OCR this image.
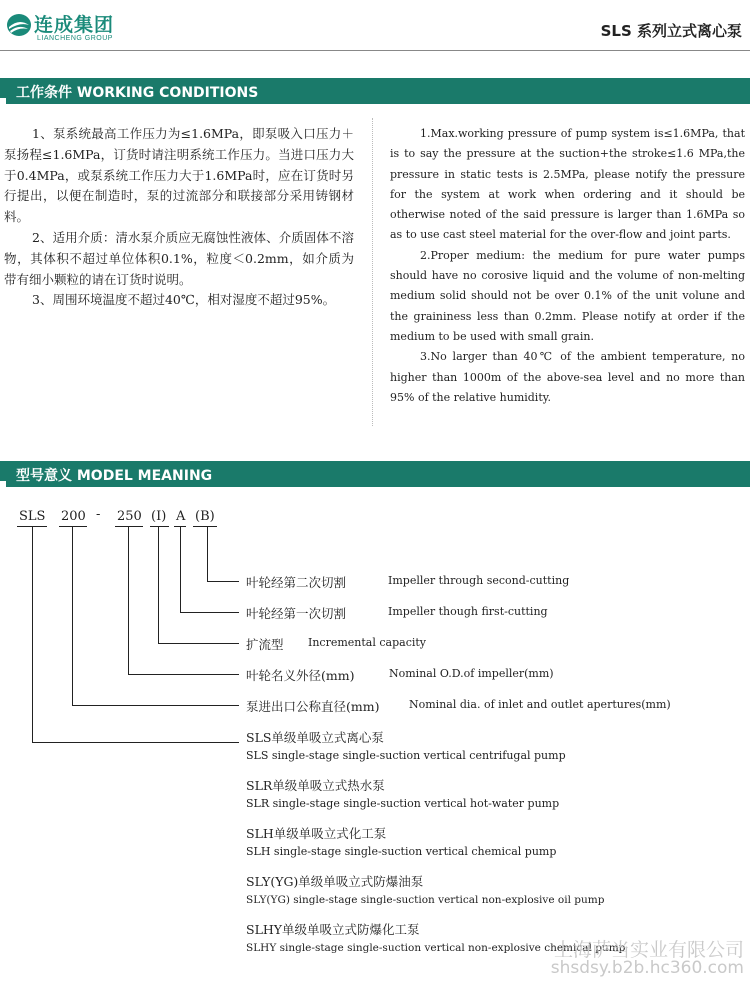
连成集团
LIANCHENG GROUP	SLS 系列立式离心泵
工作条件 WORKING CONDITIONS

1、泵系统最高工作压力为≤1.6MPa，即泵吸入口压力＋泵扬程≤1.6MPa，订货时请注明系统工作压力。当进口压力大于0.4MPa，或泵系统工作压力大于1.6MPa时，应在订货时另行提出，以便在制造时，泵的过流部分和联接部分采用铸钢材料。

2、适用介质：清水泵介质应无腐蚀性液体、介质固体不溶物，其体积不超过单位体积0.1%，粒度＜0.2mm，如介质为带有细小颗粒的请在订货时说明。

3、周围环境温度不超过40℃，相对湿度不超过95%。

1.Max.working pressure of pump system is≤1.6MPa, that is to say the pressure at the suction+the stroke≤1.6 MPa,the pressure in static tests is 2.5MPa, please notify the pressure for the system at work when ordering and it should be otherwise noted of the said pressure is larger than 1.6MPa so as to use cast steel material for the over-flow and joint parts.

2.Proper medium: the medium for pure water pumps should have no corosive liquid and the volume of non-melting medium solid should not be over 0.1% of the unit volune and the graininess less than 0.2mm. Please notify at order if the medium to be used with small grain.

3.No larger than 40℃ of the ambient temperature, no higher than 1000m of the above-sea level and no more than 95% of the relative humidity.

型号意义 MODEL MEANING
SLS 200 - 250 (I) A (B)
叶轮经第二次切割	Impeller through second-cutting
叶轮经第一次切割	Impeller though first-cutting
扩流型 Incremental capacity
叶轮名义外径(mm)	Nominal O.D.of impeller(mm)
泵进出口公称直径(mm)	Nominal dia. of inlet and outlet apertures(mm)
SLS单级单吸立式离心泵
SLS single-stage single-suction vertical centrifugal pump
SLR单级单吸立式热水泵
SLR single-stage single-suction vertical hot-water pump
SLH单级单吸立式化工泵
SLH single-stage single-suction vertical chemical pump
SLY(YG)单级单吸立式防爆油泵
SLY(YG) single-stage single-suction vertical non-explosive oil pump
SLHY单级单吸立式防爆化工泵
SLHY single-stage single-suction vertical non-explosive chemical pump
上海萨当实业有限公司
shsdsy.b2b.hc360.com
